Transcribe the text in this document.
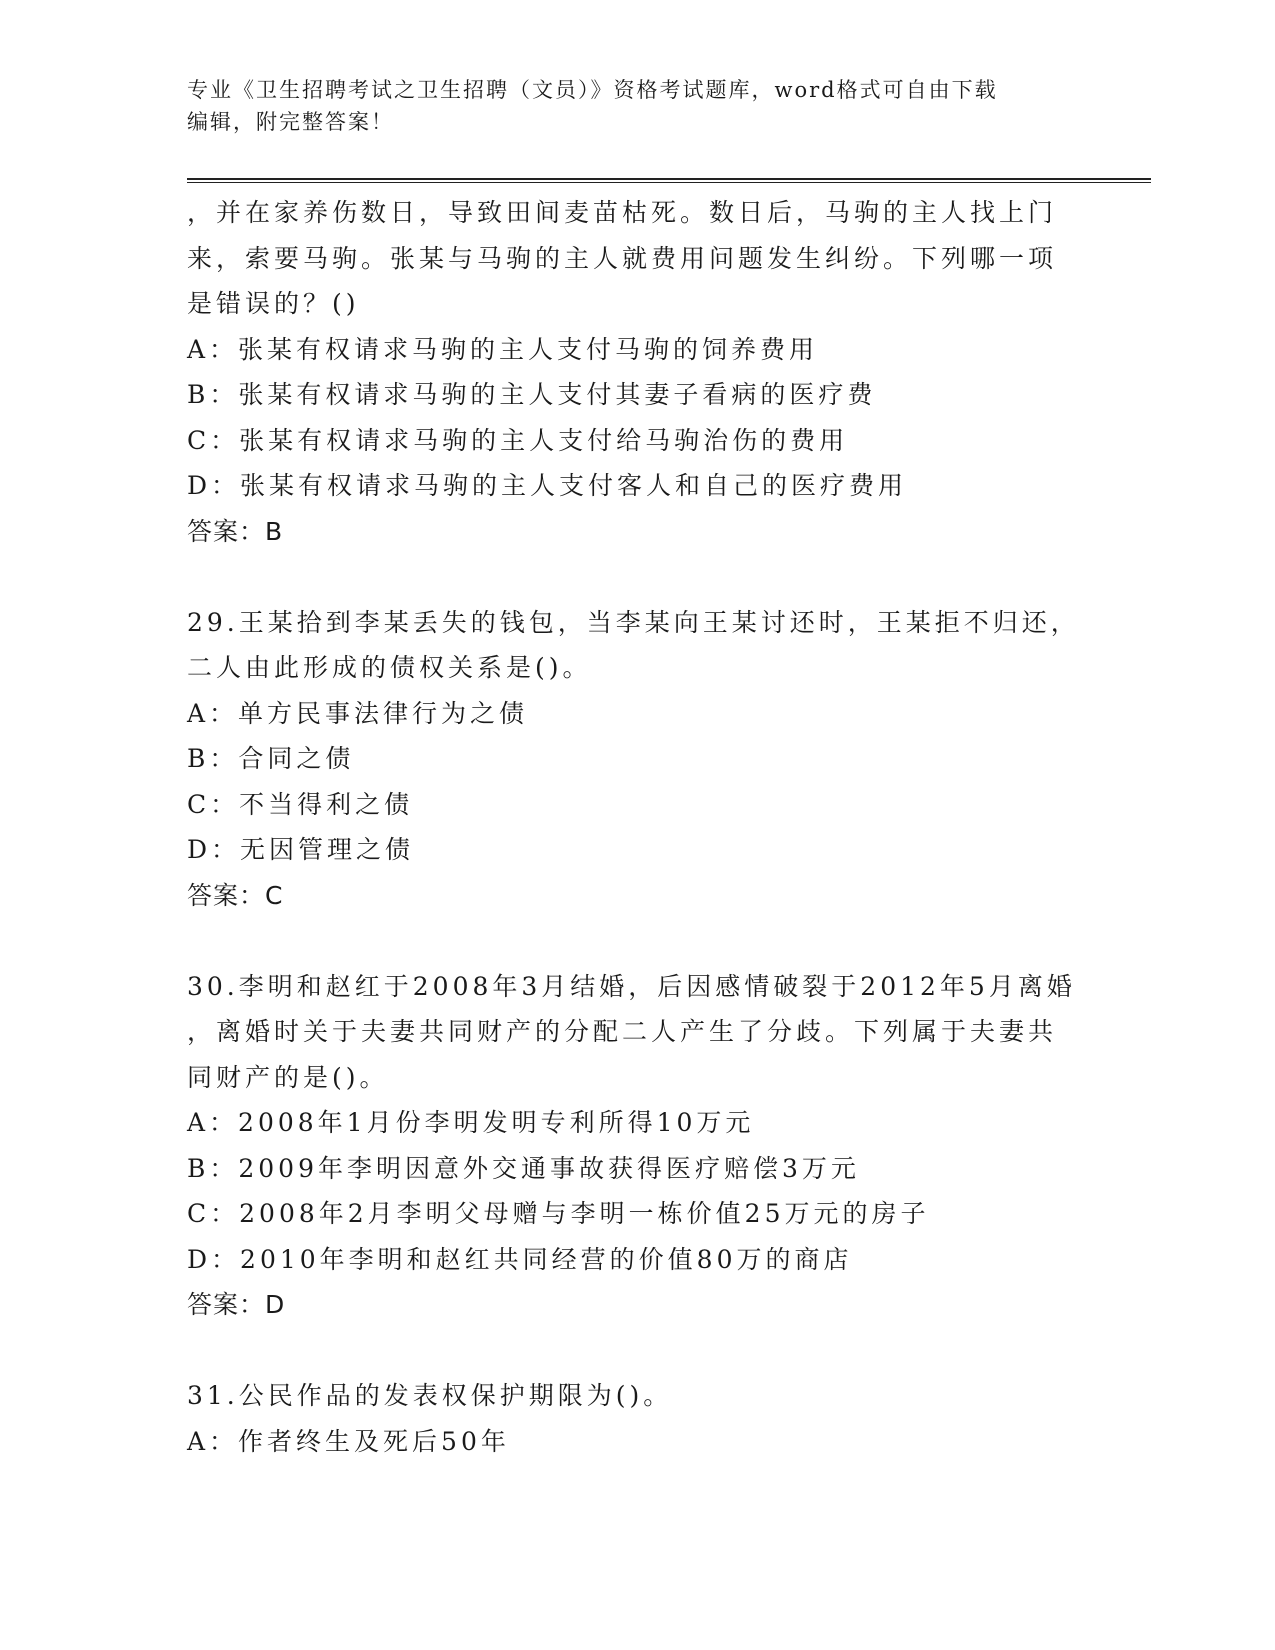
专业《卫生招聘考试之卫生招聘（文员）》资格考试题库，word格式可自由下载
编辑，附完整答案！
，并在家养伤数日，导致田间麦苗枯死。数日后，马驹的主人找上门
来，索要马驹。张某与马驹的主人就费用问题发生纠纷。下列哪一项
是错误的？()
A：张某有权请求马驹的主人支付马驹的饲养费用
B：张某有权请求马驹的主人支付其妻子看病的医疗费
C：张某有权请求马驹的主人支付给马驹治伤的费用
D：张某有权请求马驹的主人支付客人和自己的医疗费用
答案：B
29.王某拾到李某丢失的钱包，当李某向王某讨还时，王某拒不归还，
二人由此形成的债权关系是()。
A：单方民事法律行为之债
B：合同之债
C：不当得利之债
D：无因管理之债
答案：C
30.李明和赵红于2008年3月结婚，后因感情破裂于2012年5月离婚
，离婚时关于夫妻共同财产的分配二人产生了分歧。下列属于夫妻共
同财产的是()。
A：2008年1月份李明发明专利所得10万元
B：2009年李明因意外交通事故获得医疗赔偿3万元
C：2008年2月李明父母赠与李明一栋价值25万元的房子
D：2010年李明和赵红共同经营的价值80万的商店
答案：D
31.公民作品的发表权保护期限为()。
A：作者终生及死后50年
